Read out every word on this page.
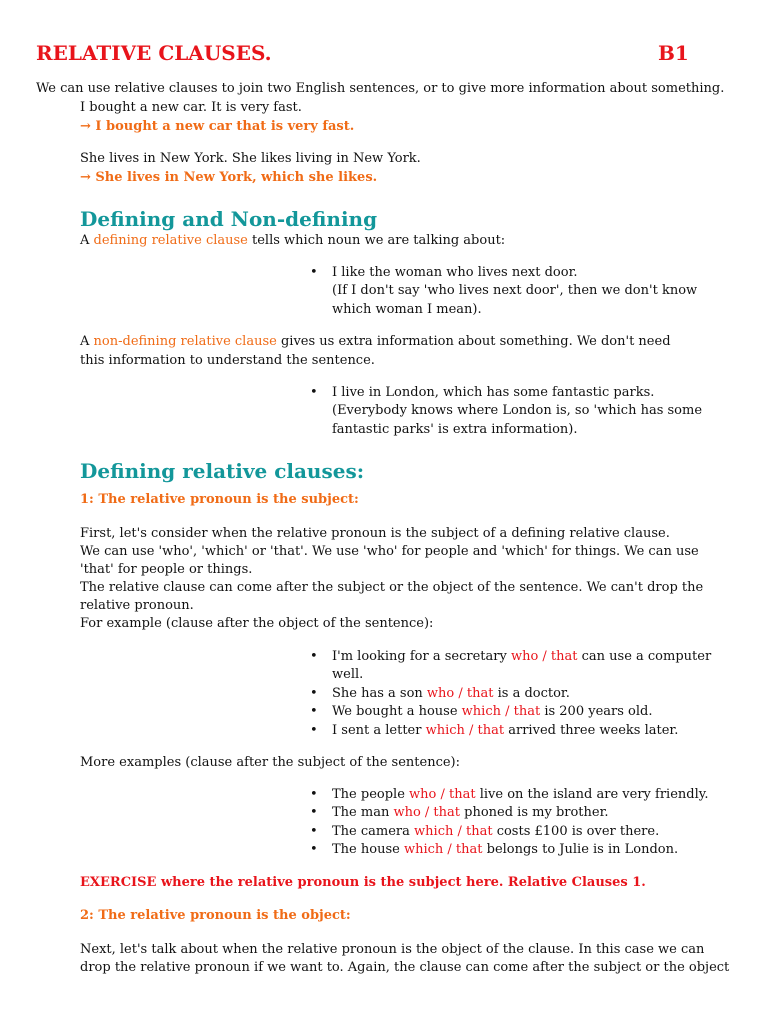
RELATIVE CLAUSES.	B1
We can use relative clauses to join two English sentences, or to give more information about something.
I bought a new car. It is very fast.
→ I bought a new car that is very fast.
She lives in New York. She likes living in New York.
→ She lives in New York, which she likes.
Defining and Non-defining
A defining relative clause tells which noun we are talking about:
• I like the woman who lives next door.
(If I don't say 'who lives next door', then we don't know
which woman I mean).
A non-defining relative clause gives us extra information about something. We don't need
this information to understand the sentence.
• I live in London, which has some fantastic parks.
(Everybody knows where London is, so 'which has some
fantastic parks' is extra information).
Defining relative clauses:
1: The relative pronoun is the subject:
First, let's consider when the relative pronoun is the subject of a defining relative clause.
We can use 'who', 'which' or 'that'. We use 'who' for people and 'which' for things. We can use
'that' for people or things.
The relative clause can come after the subject or the object of the sentence. We can't drop the
relative pronoun.
For example (clause after the object of the sentence):
• I'm looking for a secretary who / that can use a computer
well.
• She has a son who / that is a doctor.
• We bought a house which / that is 200 years old.
• I sent a letter which / that arrived three weeks later.
More examples (clause after the subject of the sentence):
• The people who / that live on the island are very friendly.
• The man who / that phoned is my brother.
• The camera which / that costs £100 is over there.
• The house which / that belongs to Julie is in London.
EXERCISE where the relative pronoun is the subject here. Relative Clauses 1.
2: The relative pronoun is the object:
Next, let's talk about when the relative pronoun is the object of the clause. In this case we can
drop the relative pronoun if we want to. Again, the clause can come after the subject or the object
